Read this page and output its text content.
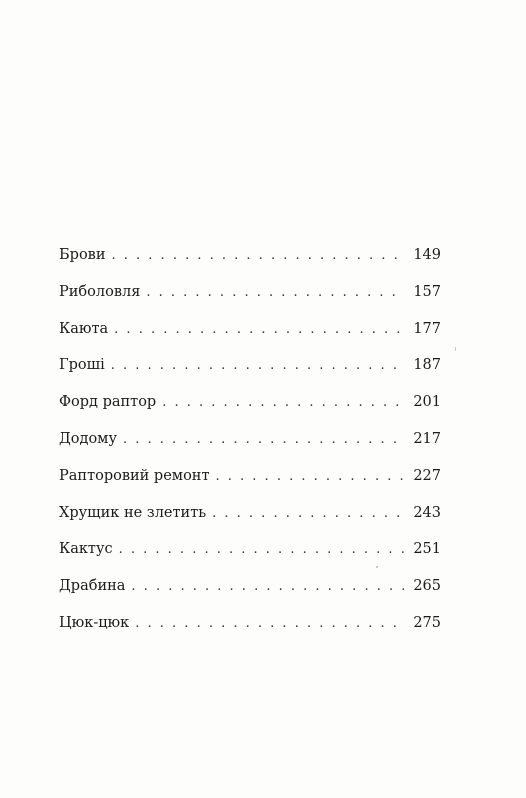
Брови . . .	149
Риболовля . . .	157
Каюта . . .	177
Гроші . . .	187
Форд раптор . . .	201
Додому . . .	217
Рапторовий ремонт . . .	227
Хрущик не злетить . . .	243
Кактус . . .	251
Драбина . . .	265
Цюк-цюк . . .	275
